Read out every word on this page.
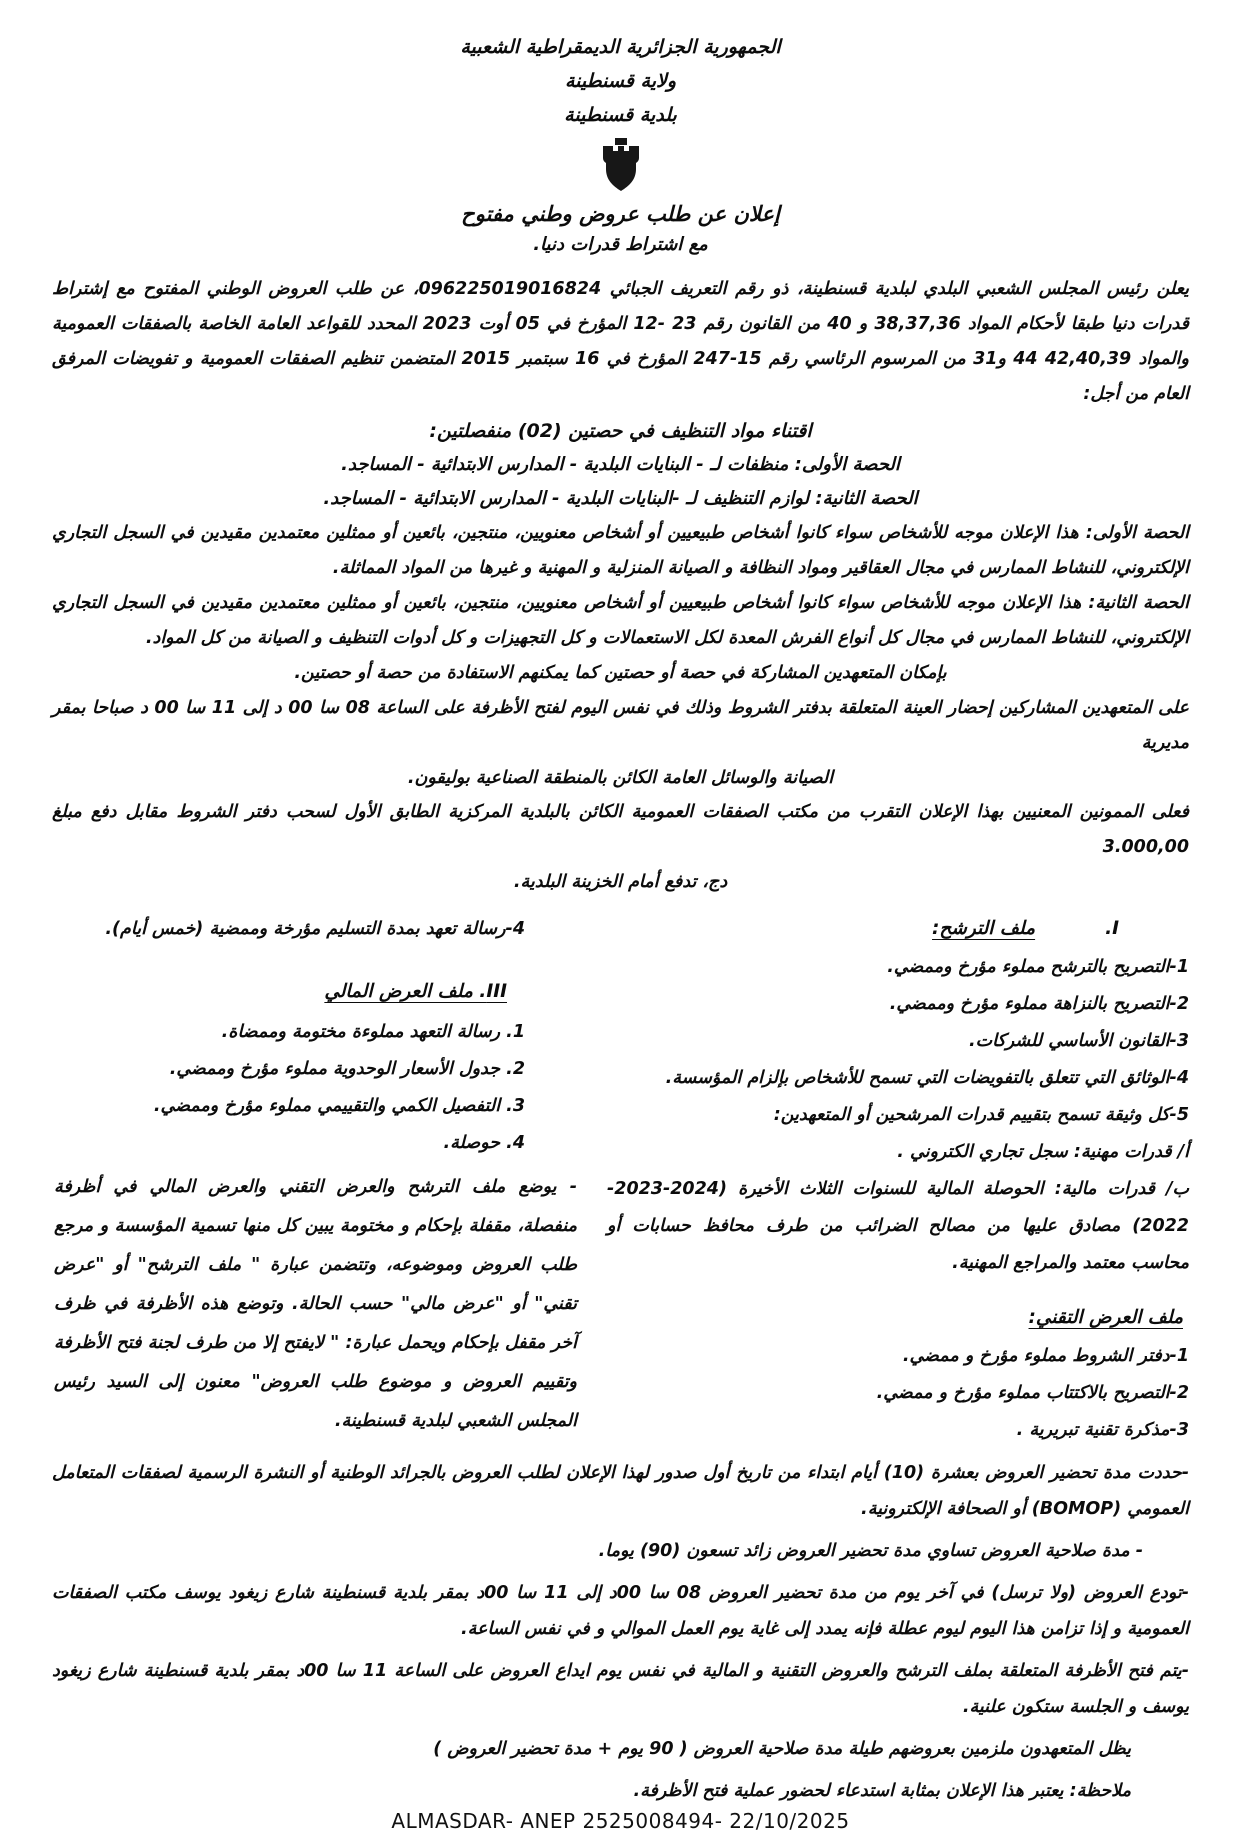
الجمهورية الجزائرية الديمقراطية الشعبية
ولاية قسنطينة
بلدية قسنطينة
إعلان عن طلب عروض وطني مفتوح
مع اشتراط قدرات دنيا.

يعلن رئيس المجلس الشعبي البلدي لبلدية قسنطينة، ذو رقم التعريف الجبائي 096225019016824، عن طلب العروض الوطني المفتوح مع إشتراط قدرات دنيا طبقا لأحكام المواد 38,37,36 و 40 من القانون رقم 23 -12 المؤرخ في 05 أوت 2023 المحدد للقواعد العامة الخاصة بالصفقات العمومية والمواد 42,40,39 44 و31 من المرسوم الرئاسي رقم 15-247 المؤرخ في 16 سبتمبر 2015 المتضمن تنظيم الصفقات العمومية و تفويضات المرفق العام من أجل:

اقتناء مواد التنظيف في حصتين (02) منفصلتين:
الحصة الأولى: منظفات لـ - البنايات البلدية - المدارس الابتدائية - المساجد.
الحصة الثانية: لوازم التنظيف لـ -البنايات البلدية - المدارس الابتدائية - المساجد.

الحصة الأولى: هذا الإعلان موجه للأشخاص سواء كانوا أشخاص طبيعيين أو أشخاص معنويين، منتجين، بائعين أو ممثلين معتمدين مقيدين في السجل التجاري الإلكتروني، للنشاط الممارس في مجال العقاقير ومواد النظافة و الصيانة المنزلية و المهنية و غيرها من المواد المماثلة.

الحصة الثانية: هذا الإعلان موجه للأشخاص سواء كانوا أشخاص طبيعيين أو أشخاص معنويين، منتجين، بائعين أو ممثلين معتمدين مقيدين في السجل التجاري الإلكتروني، للنشاط الممارس في مجال كل أنواع الفرش المعدة لكل الاستعمالات و كل التجهيزات و كل أدوات التنظيف و الصيانة من كل المواد.

بإمكان المتعهدين المشاركة في حصة أو حصتين كما يمكنهم الاستفادة من حصة أو حصتين.

على المتعهدين المشاركين إحضار العينة المتعلقة بدفتر الشروط وذلك في نفس اليوم لفتح الأظرفة على الساعة 08 سا 00 د إلى 11 سا 00 د صباحا بمقر مديرية

الصيانة والوسائل العامة الكائن بالمنطقة الصناعية بوليقون.

فعلى الممونين المعنيين بهذا الإعلان التقرب من مكتب الصفقات العمومية الكائن بالبلدية المركزية الطابق الأول لسحب دفتر الشروط مقابل دفع مبلغ 3.000,00

دج، تدفع أمام الخزينة البلدية.
I.
ملف الترشح:
1-التصريح بالترشح مملوء مؤرخ وممضي.
2-التصريح بالنزاهة مملوء مؤرخ وممضي.
3-القانون الأساسي للشركات.
4-الوثائق التي تتعلق بالتفويضات التي تسمح للأشخاص بإلزام المؤسسة.
5-كل وثيقة تسمح بتقييم قدرات المرشحين أو المتعهدين:
أ/ قدرات مهنية: سجل تجاري الكتروني .
ب/ قدرات مالية: الحوصلة المالية للسنوات الثلاث الأخيرة (2024-2023-2022) مصادق عليها من مصالح الضرائب من طرف محافظ حسابات أو محاسب معتمد والمراجع المهنية.
ملف العرض التقني:
1-دفتر الشروط مملوء مؤرخ و ممضي.
2-التصريح بالاكتتاب مملوء مؤرخ و ممضي.
3-مذكرة تقنية تبريرية .
4-رسالة تعهد بمدة التسليم مؤرخة وممضية (خمس أيام).
III. ملف العرض المالي
1. رسالة التعهد مملوءة مختومة وممضاة.
2. جدول الأسعار الوحدوية مملوء مؤرخ وممضي.
3. التفصيل الكمي والتقييمي مملوء مؤرخ وممضي.
4. حوصلة.

- يوضع ملف الترشح والعرض التقني والعرض المالي في أظرفة منفصلة، مقفلة بإحكام و مختومة يبين كل منها تسمية المؤسسة و مرجع طلب العروض وموضوعه، وتتضمن عبارة " ملف الترشح" أو "عرض تقني" أو "عرض مالي" حسب الحالة. وتوضع هذه الأظرفة في ظرف آخر مقفل بإحكام ويحمل عبارة: " لايفتح إلا من طرف لجنة فتح الأظرفة وتقييم العروض و موضوع طلب العروض" معنون إلى السيد رئيس المجلس الشعبي لبلدية قسنطينة.

-حددت مدة تحضير العروض بعشرة (10) أيام ابتداء من تاريخ أول صدور لهذا الإعلان لطلب العروض بالجرائد الوطنية أو النشرة الرسمية لصفقات المتعامل العمومي (BOMOP) أو الصحافة الإلكترونية.

- مدة صلاحية العروض تساوي مدة تحضير العروض زائد تسعون (90) يوما.

-تودع العروض (ولا ترسل) في آخر يوم من مدة تحضير العروض 08 سا 00د إلى 11 سا 00د بمقر بلدية قسنطينة شارع زيغود يوسف مكتب الصفقات العمومية و إذا تزامن هذا اليوم ليوم عطلة فإنه يمدد إلى غاية يوم العمل الموالي و في نفس الساعة.

-يتم فتح الأظرفة المتعلقة بملف الترشح والعروض التقنية و المالية في نفس يوم ايداع العروض على الساعة 11 سا 00د بمقر بلدية قسنطينة شارع زيغود يوسف و الجلسة ستكون علنية.

يظل المتعهدون ملزمين بعروضهم طيلة مدة صلاحية العروض ( 90 يوم + مدة تحضير العروض )
ملاحظة: يعتبر هذا الإعلان بمثابة استدعاء لحضور عملية فتح الأظرفة.
ALMASDAR- ANEP 2525008494- 22/10/2025
